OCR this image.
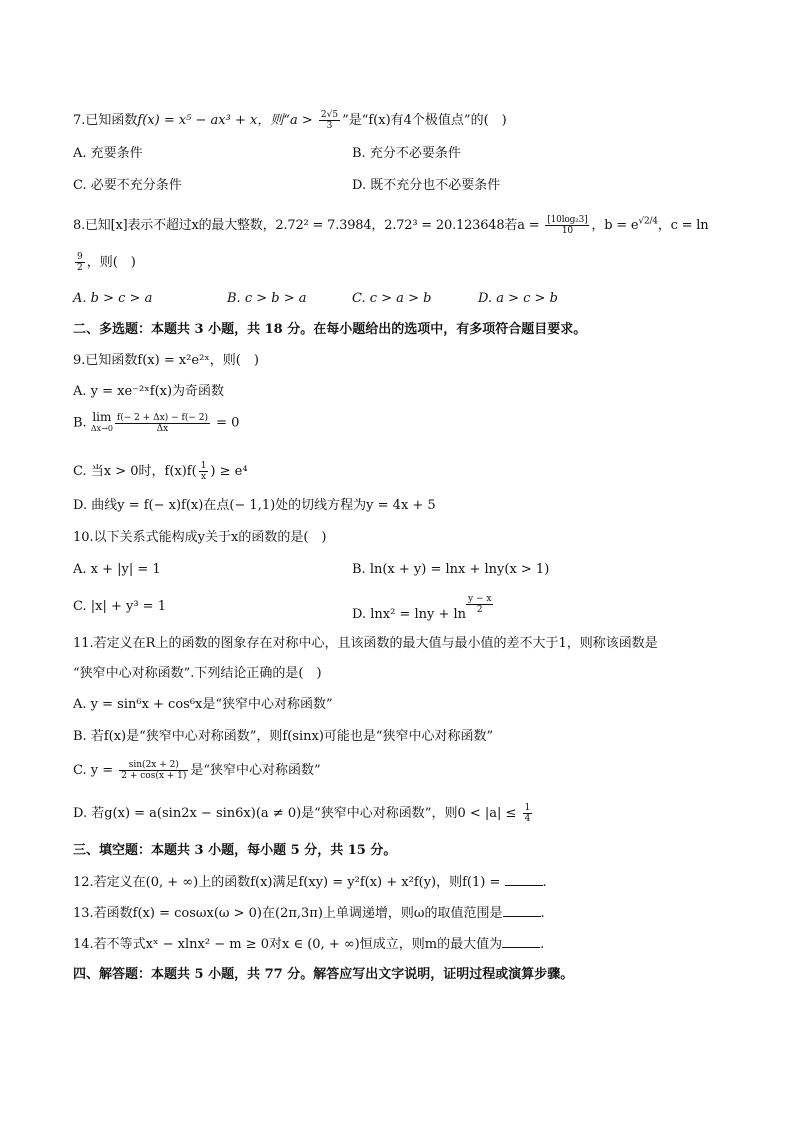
7.已知函数f(x) = x⁵ − ax³ + x，则“$a > \frac{2√5}{3}$ ”是“f(x)有4个极值点”的(　)
A. 充要条件	B. 充分不必要条件
C. 必要不充分条件	D. 既不充分也不必要条件
8.已知[x]表示不超过x的最大整数，2.72² = 7.3984，2.72³ = 20.123648若$a = \frac{\text{[10log₂3]}}{10}$ ，$b = e^{√2/4}$，c = ln
$\frac{9}{2}$ ，则(　)
A. b > c > a	B. c > b > a	C. c > a > b	D. a > c > b
二、多选题：本题共 3 小题，共 18 分。在每小题给出的选项中，有多项符合题目要求。
9.已知函数f(x) = x²e²ˣ，则(　)
A. y = xe⁻²ˣf(x)为奇函数
B. lim
$\Delta x\to 0 \frac{f(- 2 + \Delta x) - f(- 2)}{\Delta x} = 0$
C. 当x > 0时，$f(x)f( \frac{1}{x}$ ) ≥ e⁴
D. 曲线y = f(− x)f(x)在点(− 1,1)处的切线方程为y = 4x + 5
10.以下关系式能构成y关于x的函数的是(　)
A. x + |y| = 1	B. ln(x + y) = lnx + lny(x > 1)
C. |x| + y³ = 1
D. $\ln x^2 = \ln y + \ln \frac{y - x}{2}$
11.若定义在R上的函数的图象存在对称中心，且该函数的最大值与最小值的差不大于1，则称该函数是
“狭窄中心对称函数”.下列结论正确的是(　)
A. y = sin⁶x + cos⁶x是“狭窄中心对称函数”
B. 若f(x)是“狭窄中心对称函数”，则f(sinx)可能也是“狭窄中心对称函数”
C. $y = \frac{\sin(2x + 2)}{2 + \cos(x + 1)}$ 是“狭窄中心对称函数”
D. 若g(x) = a(sin2x − sin6x)(a ≠ 0)是“狭窄中心对称函数”，则$0 < |a| \le \frac{1}{4}$
三、填空题：本题共 3 小题，每小题 5 分，共 15 分。
12.若定义在(0, + ∞)上的函数f(x)满足f(xy) = y²f(x) + x²f(y)，则f(1) =	.
13.若函数f(x) = cosωx(ω > 0)在(2π,3π)上单调递增，则ω的取值范围是	.
14.若不等式xˣ − xlnx² − m ≥ 0对x ∈ (0, + ∞)恒成立，则m的最大值为	.
四、解答题：本题共 5 小题，共 77 分。解答应写出文字说明，证明过程或演算步骤。
